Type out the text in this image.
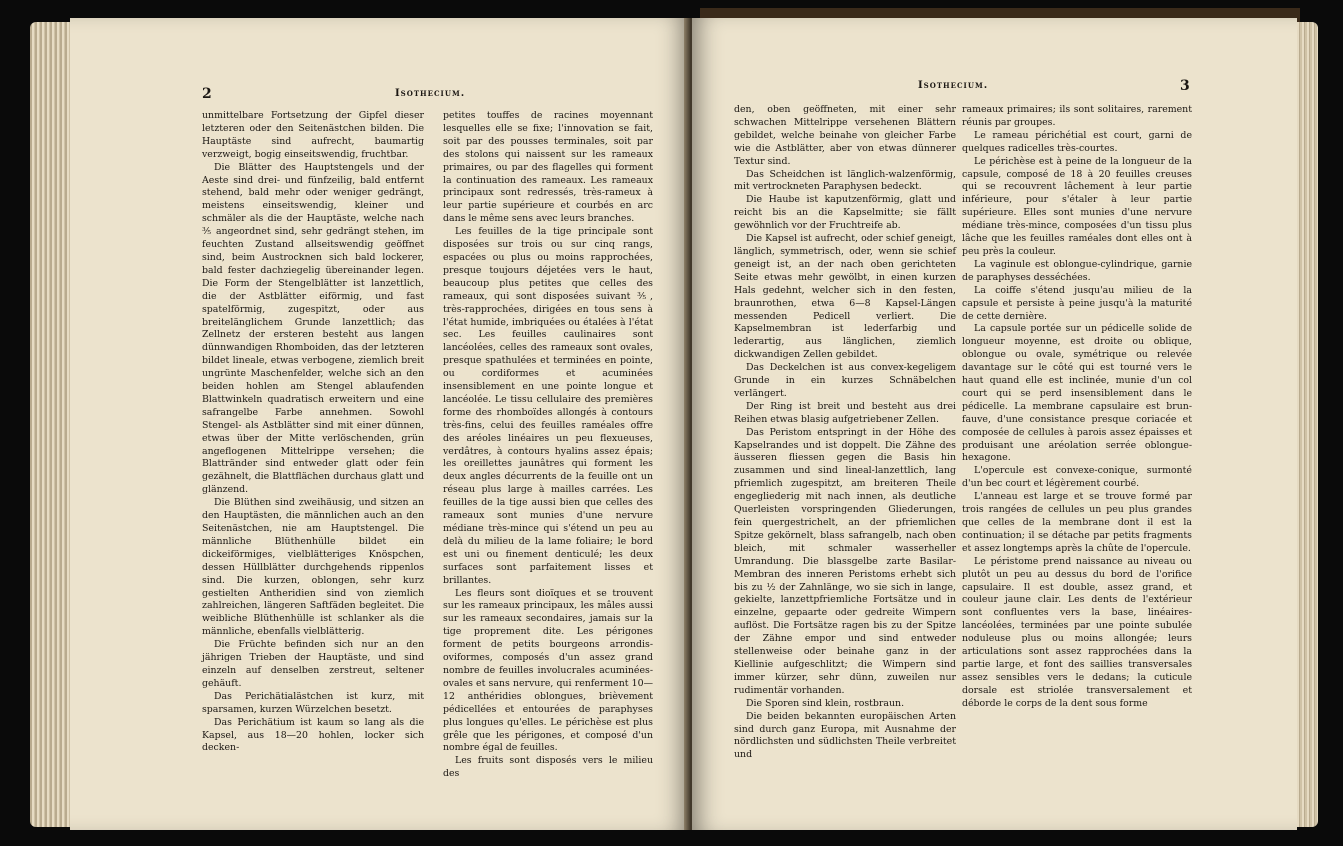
2	Isothecium.

unmittelbare Fortsetzung der Gipfel dieser letzteren oder den Seitenästchen bilden. Die Hauptäste sind aufrecht, baumartig verzweigt, bogig einseitswendig, fruchtbar.

Die Blätter des Hauptstengels und der Aeste sind drei- und fünfzeilig, bald entfernt stehend, bald mehr oder weniger gedrängt, meistens einseitswendig, kleiner und schmäler als die der Hauptäste, welche nach ⅗ angeordnet sind, sehr gedrängt stehen, im feuchten Zustand allseitswendig geöffnet sind, beim Austrocknen sich bald lockerer, bald fester dachziegelig übereinander legen. Die Form der Stengelblätter ist lanzettlich, die der Astblätter eiförmig, und fast spatelförmig, zugespitzt, oder aus breitelänglichem Grunde lanzettlich; das Zellnetz der ersteren besteht aus langen dünnwandigen Rhomboiden, das der letzteren bildet lineale, etwas verbogene, ziemlich breit ungrünte Maschenfelder, welche sich an den beiden hohlen am Stengel ablaufenden Blattwinkeln quadratisch erweitern und eine safrangelbe Farbe annehmen. Sowohl Stengel- als Astblätter sind mit einer dünnen, etwas über der Mitte verlöschenden, grün angeflogenen Mittelrippe versehen; die Blattränder sind entweder glatt oder fein gezähnelt, die Blattflächen durchaus glatt und glänzend.

Die Blüthen sind zweihäusig, und sitzen an den Hauptästen, die männlichen auch an den Seitenästchen, nie am Hauptstengel. Die männliche Blüthenhülle bildet ein dickeiförmiges, vielblätteriges Knöspchen, dessen Hüllblätter durchgehends rippenlos sind. Die kurzen, oblongen, sehr kurz gestielten Antheridien sind von ziemlich zahlreichen, längeren Saftfäden begleitet. Die weibliche Blüthenhülle ist schlanker als die männliche, ebenfalls vielblätterig.

Die Früchte befinden sich nur an den jährigen Trieben der Hauptäste, und sind einzeln auf denselben zerstreut, seltener gehäuft.

Das Perichätialästchen ist kurz, mit sparsamen, kurzen Würzelchen besetzt.

Das Perichätium ist kaum so lang als die Kapsel, aus 18—20 hohlen, locker sich decken-

petites touffes de racines moyennant lesquelles elle se fixe; l'innovation se fait, soit par des pousses terminales, soit par des stolons qui naissent sur les rameaux primaires, ou par des flagelles qui forment la continuation des rameaux. Les rameaux principaux sont redressés, très-rameux à leur partie supérieure et courbés en arc dans le même sens avec leurs branches.

Les feuilles de la tige principale sont disposées sur trois ou sur cinq rangs, espacées ou plus ou moins rapprochées, presque toujours déjetées vers le haut, beaucoup plus petites que celles des rameaux, qui sont disposées suivant ⅗, très-rapprochées, dirigées en tous sens à l'état humide, imbriquées ou étalées à l'état sec. Les feuilles caulinaires sont lancéolées, celles des rameaux sont ovales, presque spathulées et terminées en pointe, ou cordiformes et acuminées insensiblement en une pointe longue et lancéolée. Le tissu cellulaire des premières forme des rhomboïdes allongés à contours très-fins, celui des feuilles raméales offre des aréoles linéaires un peu flexueuses, verdâtres, à contours hyalins assez épais; les oreillettes jaunâtres qui forment les deux angles décurrents de la feuille ont un réseau plus large à mailles carrées. Les feuilles de la tige aussi bien que celles des rameaux sont munies d'une nervure médiane très-mince qui s'étend un peu au delà du milieu de la lame foliaire; le bord est uni ou finement denticulé; les deux surfaces sont parfaitement lisses et brillantes.

Les fleurs sont dioïques et se trouvent sur les rameaux principaux, les mâles aussi sur les rameaux secondaires, jamais sur la tige proprement dite. Les périgones forment de petits bourgeons arrondis-oviformes, composés d'un assez grand nombre de feuilles involucrales acuminées-ovales et sans nervure, qui renferment 10—12 anthéridies oblongues, brièvement pédicellées et entourées de paraphyses plus longues qu'elles. Le périchèse est plus grêle que les périgones, et composé d'un nombre égal de feuilles.

Les fruits sont disposés vers le milieu des

3
Isothecium.

den, oben geöffneten, mit einer sehr schwachen Mittelrippe versehenen Blättern gebildet, welche beinahe von gleicher Farbe wie die Astblätter, aber von etwas dünnerer Textur sind.

Das Scheidchen ist länglich-walzenförmig, mit vertrockneten Paraphysen bedeckt.

Die Haube ist kaputzenförmig, glatt und reicht bis an die Kapselmitte; sie fällt gewöhnlich vor der Fruchtreife ab.

Die Kapsel ist aufrecht, oder schief geneigt, länglich, symmetrisch, oder, wenn sie schief geneigt ist, an der nach oben gerichteten Seite etwas mehr gewölbt, in einen kurzen Hals gedehnt, welcher sich in den festen, braunrothen, etwa 6—8 Kapsel-Längen messenden Pedicell verliert. Die Kapselmembran ist lederfarbig und lederartig, aus länglichen, ziemlich dickwandigen Zellen gebildet.

Das Deckelchen ist aus convex-kegeligem Grunde in ein kurzes Schnäbelchen verlängert.

Der Ring ist breit und besteht aus drei Reihen etwas blasig aufgetriebener Zellen.

Das Peristom entspringt in der Höhe des Kapselrandes und ist doppelt. Die Zähne des äusseren fliessen gegen die Basis hin zusammen und sind lineal-lanzettlich, lang pfriemlich zugespitzt, am breiteren Theile engegliederig mit nach innen, als deutliche Querleisten vorspringenden Gliederungen, fein quergestrichelt, an der pfriemlichen Spitze gekörnelt, blass safrangelb, nach oben bleich, mit schmaler wasserheller Umrandung. Die blassgelbe zarte Basilar-Membran des inneren Peristoms erhebt sich bis zu ½ der Zahnlänge, wo sie sich in lange, gekielte, lanzettpfriemliche Fortsätze und in einzelne, gepaarte oder gedreite Wimpern auflöst. Die Fortsätze ragen bis zu der Spitze der Zähne empor und sind entweder stellenweise oder beinahe ganz in der Kiellinie aufgeschlitzt; die Wimpern sind immer kürzer, sehr dünn, zuweilen nur rudimentär vorhanden.

Die Sporen sind klein, rostbraun.

Die beiden bekannten europäischen Arten sind durch ganz Europa, mit Ausnahme der nördlichsten und südlichsten Theile verbreitet und

rameaux primaires; ils sont solitaires, rarement réunis par groupes.

Le rameau périchétial est court, garni de quelques radicelles très-courtes.

Le périchèse est à peine de la longueur de la capsule, composé de 18 à 20 feuilles creuses qui se recouvrent lâchement à leur partie inférieure, pour s'étaler à leur partie supérieure. Elles sont munies d'une nervure médiane très-mince, composées d'un tissu plus lâche que les feuilles raméales dont elles ont à peu près la couleur.

La vaginule est oblongue-cylindrique, garnie de paraphyses desséchées.

La coiffe s'étend jusqu'au milieu de la capsule et persiste à peine jusqu'à la maturité de cette dernière.

La capsule portée sur un pédicelle solide de longueur moyenne, est droite ou oblique, oblongue ou ovale, symétrique ou relevée davantage sur le côté qui est tourné vers le haut quand elle est inclinée, munie d'un col court qui se perd insensiblement dans le pédicelle. La membrane capsulaire est brun-fauve, d'une consistance presque coriacée et composée de cellules à parois assez épaisses et produisant une aréolation serrée oblongue-hexagone.

L'opercule est convexe-conique, surmonté d'un bec court et légèrement courbé.

L'anneau est large et se trouve formé par trois rangées de cellules un peu plus grandes que celles de la membrane dont il est la continuation; il se détache par petits fragments et assez longtemps après la chûte de l'opercule.

Le péristome prend naissance au niveau ou plutôt un peu au dessus du bord de l'orifice capsulaire. Il est double, assez grand, et couleur jaune clair. Les dents de l'extérieur sont confluentes vers la base, linéaires-lancéolées, terminées par une pointe subulée noduleuse plus ou moins allongée; leurs articulations sont assez rapprochées dans la partie large, et font des saillies transversales assez sensibles vers le dedans; la cuticule dorsale est striolée transversalement et déborde le corps de la dent sous forme
